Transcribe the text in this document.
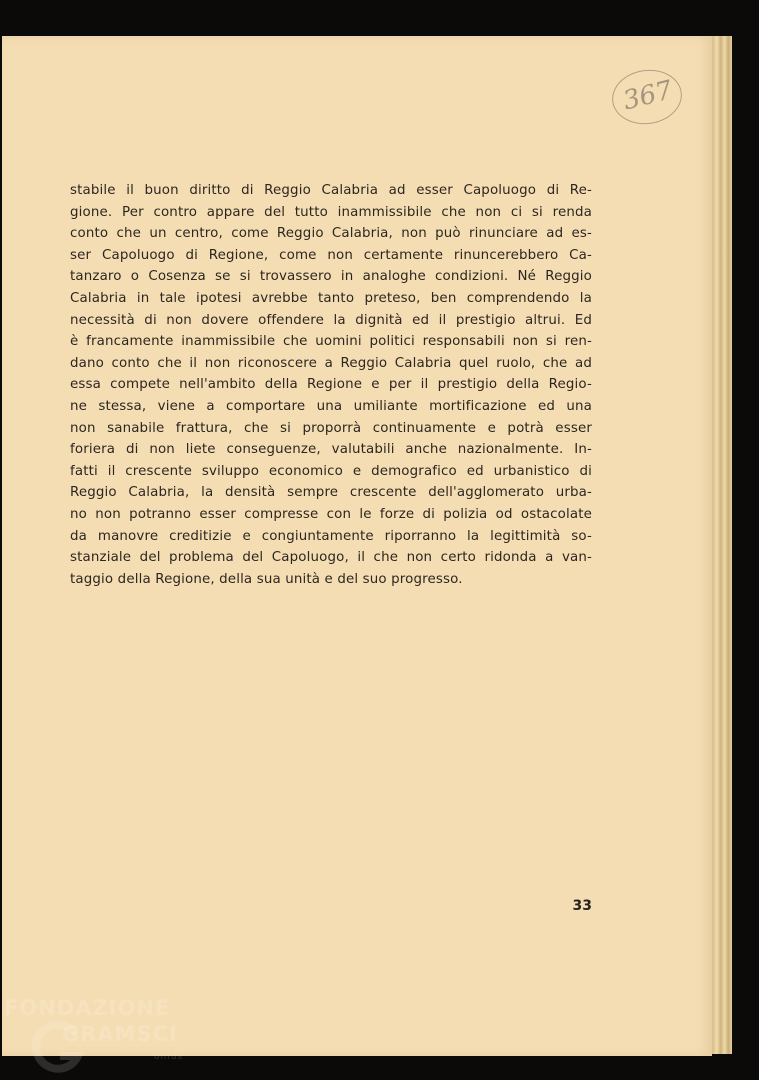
367

stabile il buon diritto di Reggio Calabria ad esser Capoluogo di Re-
gione. Per contro appare del tutto inammissibile che non ci si renda
conto che un centro, come Reggio Calabria, non può rinunciare ad es-
ser Capoluogo di Regione, come non certamente rinuncerebbero Ca-
tanzaro o Cosenza se si trovassero in analoghe condizioni. Né Reggio
Calabria in tale ipotesi avrebbe tanto preteso, ben comprendendo la
necessità di non dovere offendere la dignità ed il prestigio altrui. Ed
è francamente inammissibile che uomini politici responsabili non si ren-
dano conto che il non riconoscere a Reggio Calabria quel ruolo, che ad
essa compete nell'ambito della Regione e per il prestigio della Regio-
ne stessa, viene a comportare una umiliante mortificazione ed una
non sanabile frattura, che si proporrà continuamente e potrà esser
foriera di non liete conseguenze, valutabili anche nazionalmente. In-
fatti il crescente sviluppo economico e demografico ed urbanistico di
Reggio Calabria, la densità sempre crescente dell'agglomerato urba-
no non potranno esser compresse con le forze di polizia od ostacolate
da manovre creditizie e congiuntamente riporranno la legittimità so-
stanziale del problema del Capoluogo, il che non certo ridonda a van-
taggio della Regione, della sua unità e del suo progresso.

33
FONDAZIONE
GRAMSCI
onlus
